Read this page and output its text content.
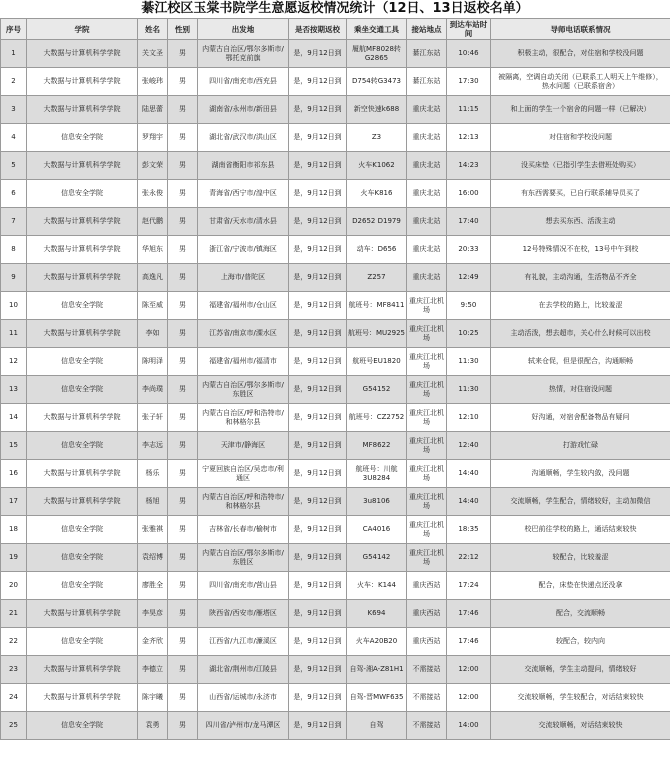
綦江校区玉棠书院学生意愿返校情况统计（12日、13日返校名单）
序号	学院	姓名	性别	出发地	是否按期返校	乘坐交通工具	接站地点	到达车站时间	导师电话联系情况
1	大数据与计算机科学学院	关文圣	男	内蒙古自治区/鄂尔多斯市/鄂托克前旗	是，9月12日到	履航MF8028转G2865	綦江东站	10:46	积极主动，很配合，对住宿和学校没问题
2	大数据与计算机科学学院	张峻玮	男	四川省/南充市/西充县	是，9月12日到	D754转G3473	綦江东站	17:30	被隔离，空调自动关闭（已联系工人明天上午维修），热水问题（已联系宿舍）
3	大数据与计算机科学学院	陆思蕾	男	湖南省/永州市/新田县	是，9月12日到	新空快速k688	重庆北站	11:15	和上面的学生一个宿舍的问题一样（已解决）
4	信息安全学院	罗翔宇	男	湖北省/武汉市/洪山区	是，9月12日到	Z3	重庆北站	12:13	对住宿和学校没问题
5	大数据与计算机科学学院	彭文荣	男	湖南省衡阳市祁东县	是，9月12日到	火车K1062	重庆北站	14:23	没买床垫（已指引学生去借班处购买）
6	信息安全学院	张永俊	男	青海省/西宁市/湟中区	是，9月12日到	火车K816	重庆北站	16:00	有东西需要买，已自行联系辅导员买了
7	大数据与计算机科学学院	赵代鹏	男	甘肃省/天水市/清水县	是，9月12日到	D2652 D1979	重庆北站	17:40	想去买东西、活泼主动
8	大数据与计算机科学学院	华旭东	男	浙江省/宁波市/镇海区	是，9月12日到	动车：D656	重庆北站	20:33	12号特殊情况不在校，13号中午到校
9	大数据与计算机科学学院	高逸凡	男	上海市/普陀区	是，9月12日到	Z257	重庆北站	12:49	有礼貌，主动沟通，生活物品不齐全
10	信息安全学院	陈至威	男	福建省/福州市/仓山区	是，9月12日到	航班号：MF8411	重庆江北机场	9:50	在去学校的路上，比较羞涩
11	大数据与计算机科学学院	李如	男	江苏省/南京市/溧水区	是，9月12日到	航班号：MU2925	重庆江北机场	10:25	主动活泼，想去超市，关心什么时候可以出校
12	信息安全学院	陈明泽	男	福建省/福州市/福清市	是，9月12日到	航班号EU1820	重庆江北机场	11:30	轼来仓促，但是很配合，沟通顺畅
13	信息安全学院	李尚璞	男	内蒙古自治区/鄂尔多斯市/东胜区	是，9月12日到	G54152	重庆江北机场	11:30	热情，对住宿没问题
14	大数据与计算机科学学院	张子轩	男	内蒙古自治区/呼和浩特市/和林格尔县	是，9月12日到	航班号：CZ2752	重庆江北机场	12:10	好沟通，对宿舍配备物品有疑问
15	信息安全学院	李志远	男	天津市/静海区	是，9月12日到	MF8622	重庆江北机场	12:40	打游戏忙碌
16	大数据与计算机科学学院	杨乐	男	宁夏回族自治区/吴忠市/利通区	是，9月12日到	航班号：川航3U8284	重庆江北机场	14:40	沟通顺畅，学生较内敛，没问题
17	大数据与计算机科学学院	杨旭	男	内蒙古自治区/呼和浩特市/和林格尔县	是，9月12日到	3u8106	重庆江北机场	14:40	交流顺畅，学生配合，情绪较好，主动加微信
18	信息安全学院	张雅祺	男	吉林省/长春市/榆树市	是，9月12日到	CA4016	重庆江北机场	18:35	校巴前往学校的路上，通话结束较快
19	信息安全学院	袁绍博	男	内蒙古自治区/鄂尔多斯市/东胜区	是，9月12日到	G54142	重庆江北机场	22:12	较配合，比较羞涩
20	信息安全学院	廖胜全	男	四川省/南充市/营山县	是，9月12日到	火车：K144	重庆西站	17:24	配合，床垫在快递点还没拿
21	大数据与计算机科学学院	李昊彦	男	陕西省/西安市/雁塔区	是，9月12日到	K694	重庆西站	17:46	配合，交流顺畅
22	信息安全学院	金齐欣	男	江西省/九江市/濂溪区	是，9月12日到	火车A20B20	重庆西站	17:46	较配合，较内向
23	大数据与计算机科学学院	李德立	男	湖北省/荆州市/江陵县	是，9月12日到	自驾-湘A-Z81H1	不需接站	12:00	交流顺畅，学生主动提问，情绪较好
24	大数据与计算机科学学院	陈宇曦	男	山西省/运城市/永济市	是，9月12日到	自驾-晋MWF635	不需接站	12:00	交流较顺畅，学生较配合，对话结束较快
25	信息安全学院	袁勇	男	四川省/泸州市/龙马潭区	是，9月12日到	自驾	不需接站	14:00	交流较顺畅，对话结束较快
